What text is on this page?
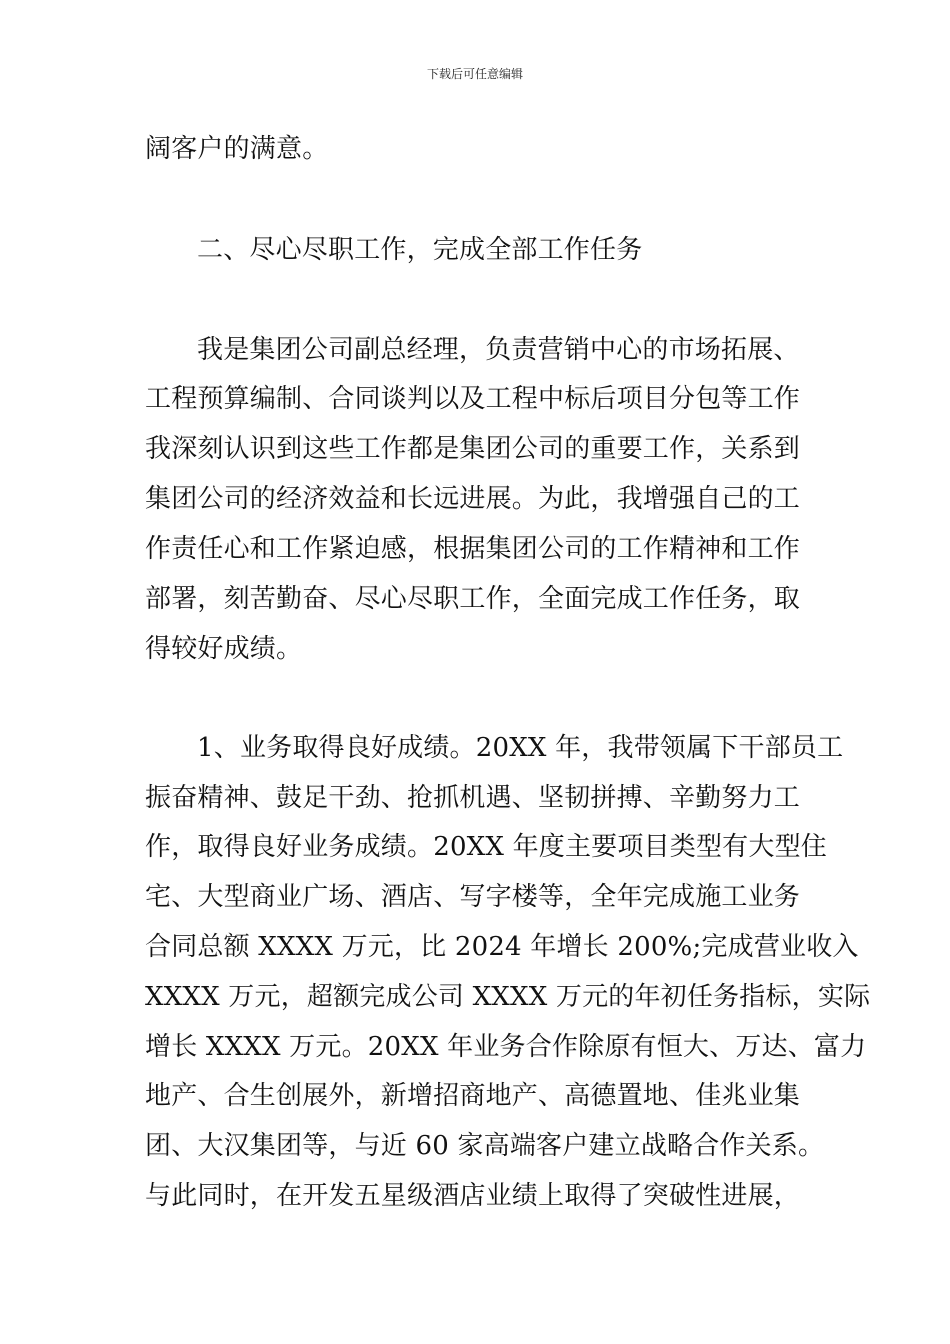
下载后可任意编辑
阔客户的满意。
二、尽心尽职工作，完成全部工作任务
我是集团公司副总经理，负责营销中心的市场拓展、
工程预算编制、合同谈判以及工程中标后项目分包等工作
我深刻认识到这些工作都是集团公司的重要工作，关系到
集团公司的经济效益和长远进展。为此，我增强自己的工
作责任心和工作紧迫感，根据集团公司的工作精神和工作
部署，刻苦勤奋、尽心尽职工作，全面完成工作任务，取
得较好成绩。
1、业务取得良好成绩。20XX 年，我带领属下干部员工
振奋精神、鼓足干劲、抢抓机遇、坚韧拼搏、辛勤努力工
作，取得良好业务成绩。20XX 年度主要项目类型有大型住
宅、大型商业广场、酒店、写字楼等，全年完成施工业务
合同总额 XXXX 万元，比 2024 年增长 200%;完成营业收入
XXXX 万元，超额完成公司 XXXX 万元的年初任务指标，实际
增长 XXXX 万元。20XX 年业务合作除原有恒大、万达、富力
地产、合生创展外，新增招商地产、高德置地、佳兆业集
团、大汉集团等，与近 60 家高端客户建立战略合作关系。
与此同时，在开发五星级酒店业绩上取得了突破性进展，
